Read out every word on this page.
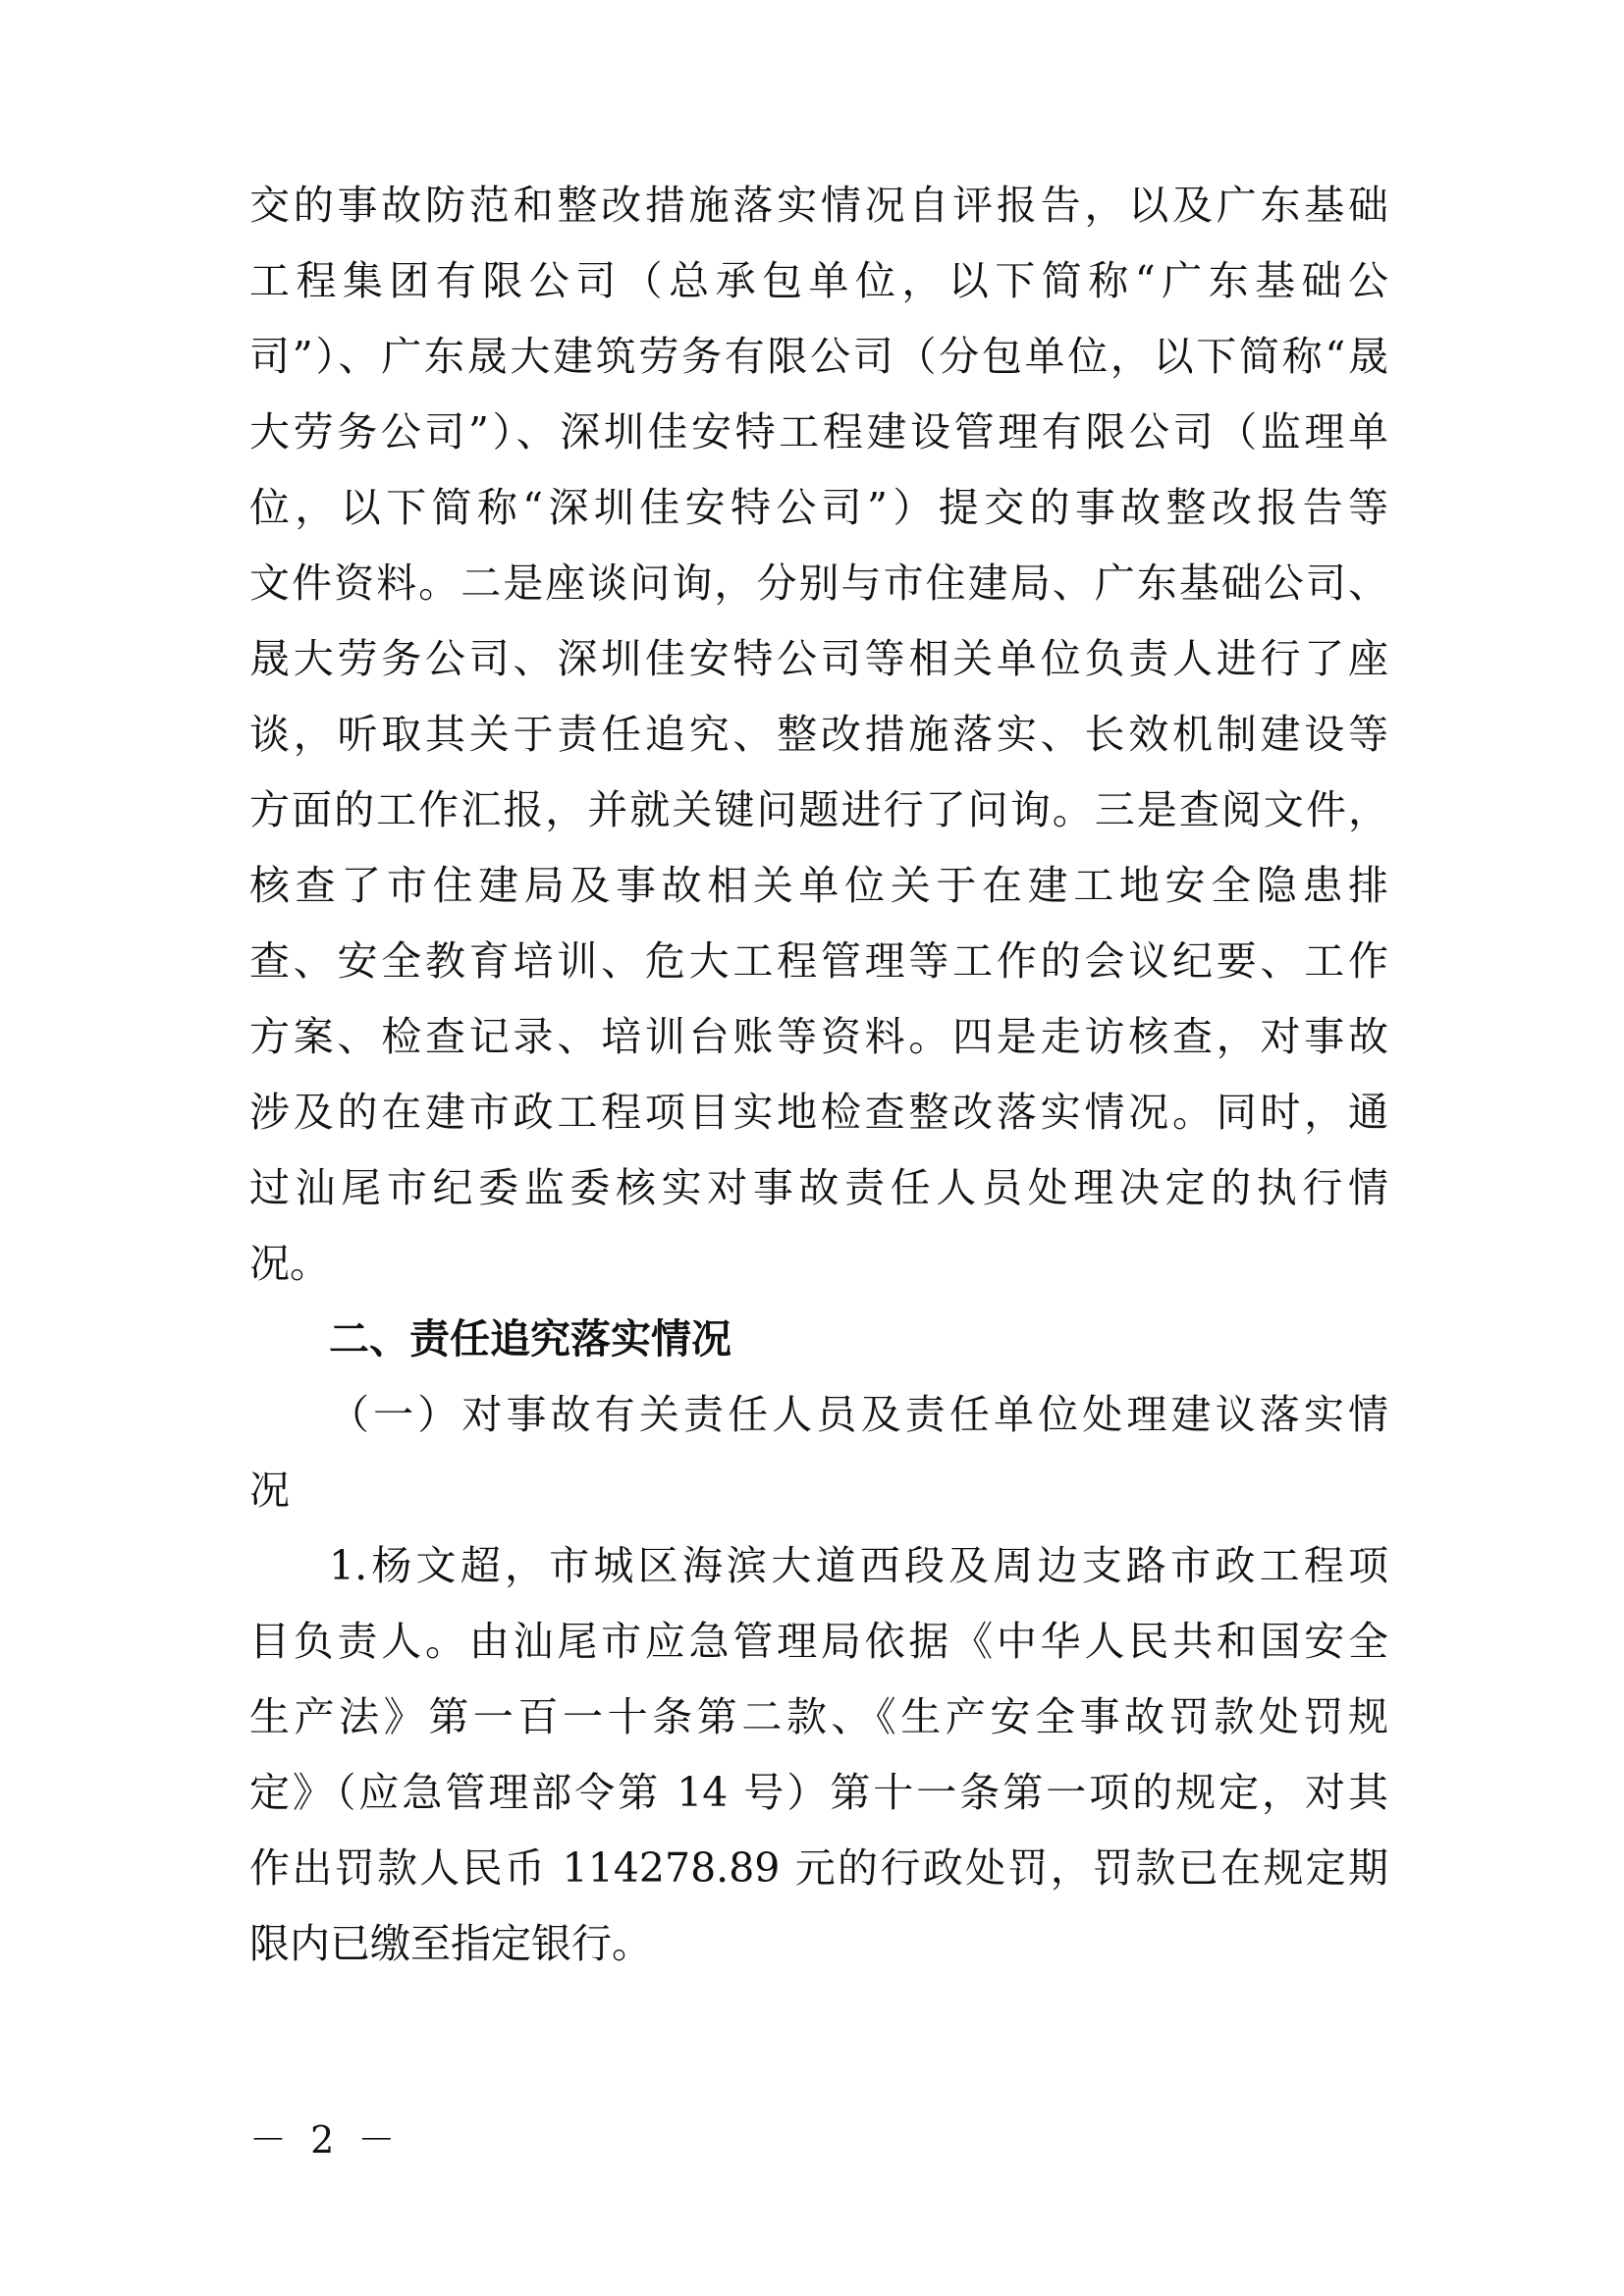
交的事故防范和整改措施落实情况自评报告，以及广东基础
工程集团有限公司（总承包单位，以下简称“广东基础公
司”）、广东晟大建筑劳务有限公司（分包单位，以下简称“晟
大劳务公司”）、深圳佳安特工程建设管理有限公司（监理单
位，以下简称“深圳佳安特公司”）提交的事故整改报告等
文件资料。二是座谈问询，分别与市住建局、广东基础公司、
晟大劳务公司、深圳佳安特公司等相关单位负责人进行了座
谈，听取其关于责任追究、整改措施落实、长效机制建设等
方面的工作汇报，并就关键问题进行了问询。三是查阅文件，
核查了市住建局及事故相关单位关于在建工地安全隐患排
查、安全教育培训、危大工程管理等工作的会议纪要、工作
方案、检查记录、培训台账等资料。四是走访核查，对事故
涉及的在建市政工程项目实地检查整改落实情况。同时，通
过汕尾市纪委监委核实对事故责任人员处理决定的执行情
况。
二、责任追究落实情况
（一）对事故有关责任人员及责任单位处理建议落实情
况
1.杨文超，市城区海滨大道西段及周边支路市政工程项
目负责人。由汕尾市应急管理局依据《中华人民共和国安全
生产法》第一百一十条第二款、《生产安全事故罚款处罚规
定》（应急管理部令第 14 号）第十一条第一项的规定，对其
作出罚款人民币 114278.89 元的行政处罚，罚款已在规定期
限内已缴至指定银行。
－ 2 －
